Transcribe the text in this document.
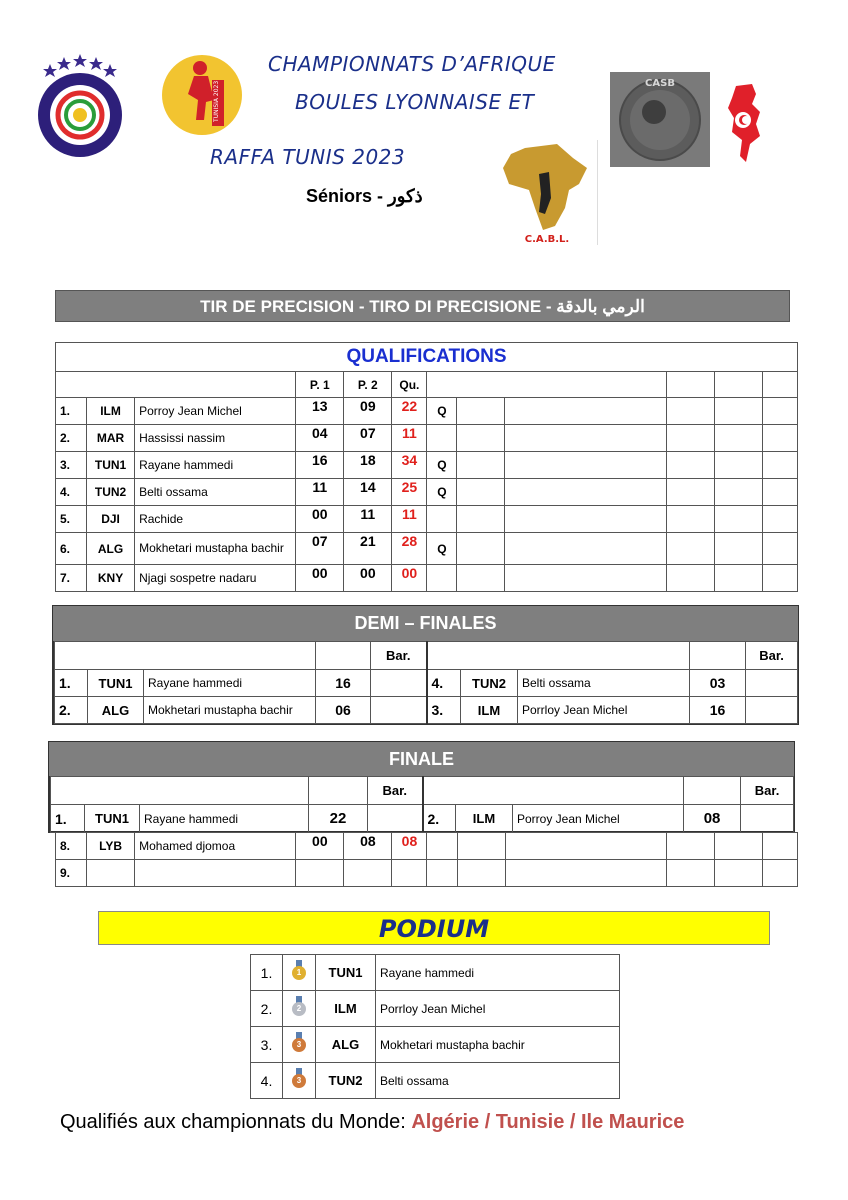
TUNISIA 2023
CHAMPIONNATS D’AFRIQUE
BOULES LYONNAISE ET
RAFFA TUNIS 2023
Séniors - ذكور
CASB
C.A.B.L.
TIR DE PRECISION - TIRO DI PRECISIONE - الرمي بالدقة
QUALIFICATIONS											
			P. 1	P. 2	Qu.						
1.	ILM	Porroy Jean Michel	13	09	22	Q					
2.	MAR	Hassissi nassim	04	07	11						
3.	TUN1	Rayane hammedi	16	18	34	Q					
4.	TUN2	Belti ossama	11	14	25	Q					
5.	DJI	Rachide	00	11	11						
6.	ALG	Mokhetari mustapha bachir	07	21	28	Q					
7.	KNY	Njagi sospetre nadaru	00	00	00						
DEMI – FINALES
				Bar.					Bar.
1.	TUN1	Rayane hammedi	16		4.	TUN2	Belti ossama	03	
2.	ALG	Mokhetari mustapha bachir	06		3.	ILM	Porrloy Jean Michel	16	
FINALE
				Bar.					Bar.
1.	TUN1	Rayane hammedi	22		2.	ILM	Porroy Jean Michel	08	
8.	LYB	Mohamed djomoa	00	08	08						
9.											
PODIUM
1.	1	TUN1	Rayane hammedi
2.	2	ILM	Porrloy Jean Michel
3.	3	ALG	Mokhetari mustapha bachir
4.	3	TUN2	Belti ossama
Qualifiés aux championnats du Monde: Algérie / Tunisie / Ile Maurice
